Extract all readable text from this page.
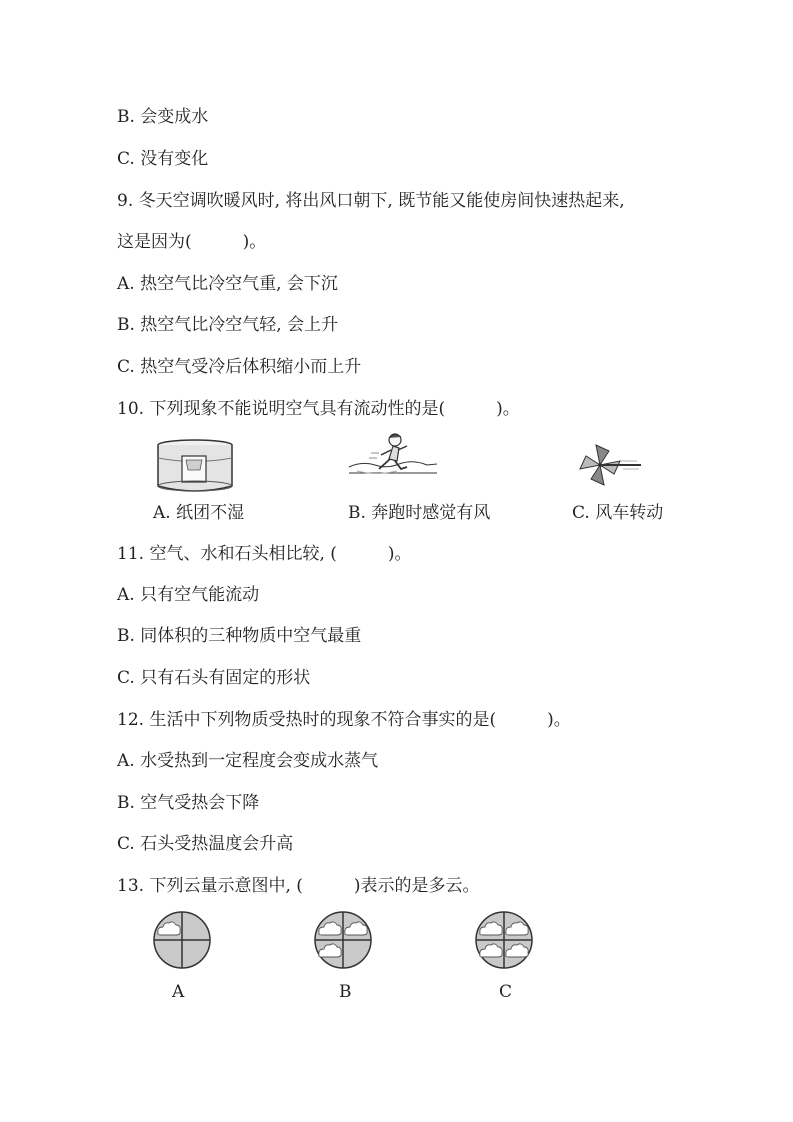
B. 会变成水
C. 没有变化
9. 冬天空调吹暖风时, 将出风口朝下, 既节能又能使房间快速热起来,
这是因为(　　　)。
A. 热空气比冷空气重, 会下沉
B. 热空气比冷空气轻, 会上升
C. 热空气受冷后体积缩小而上升
10. 下列现象不能说明空气具有流动性的是(　　　)。
A. 纸团不湿	B. 奔跑时感觉有风	C. 风车转动
11. 空气、水和石头相比较, (　　　)。
A. 只有空气能流动
B. 同体积的三种物质中空气最重
C. 只有石头有固定的形状
12. 生活中下列物质受热时的现象不符合事实的是(　　　)。
A. 水受热到一定程度会变成水蒸气
B. 空气受热会下降
C. 石头受热温度会升高
13. 下列云量示意图中, (　　　)表示的是多云。
A	B	C
